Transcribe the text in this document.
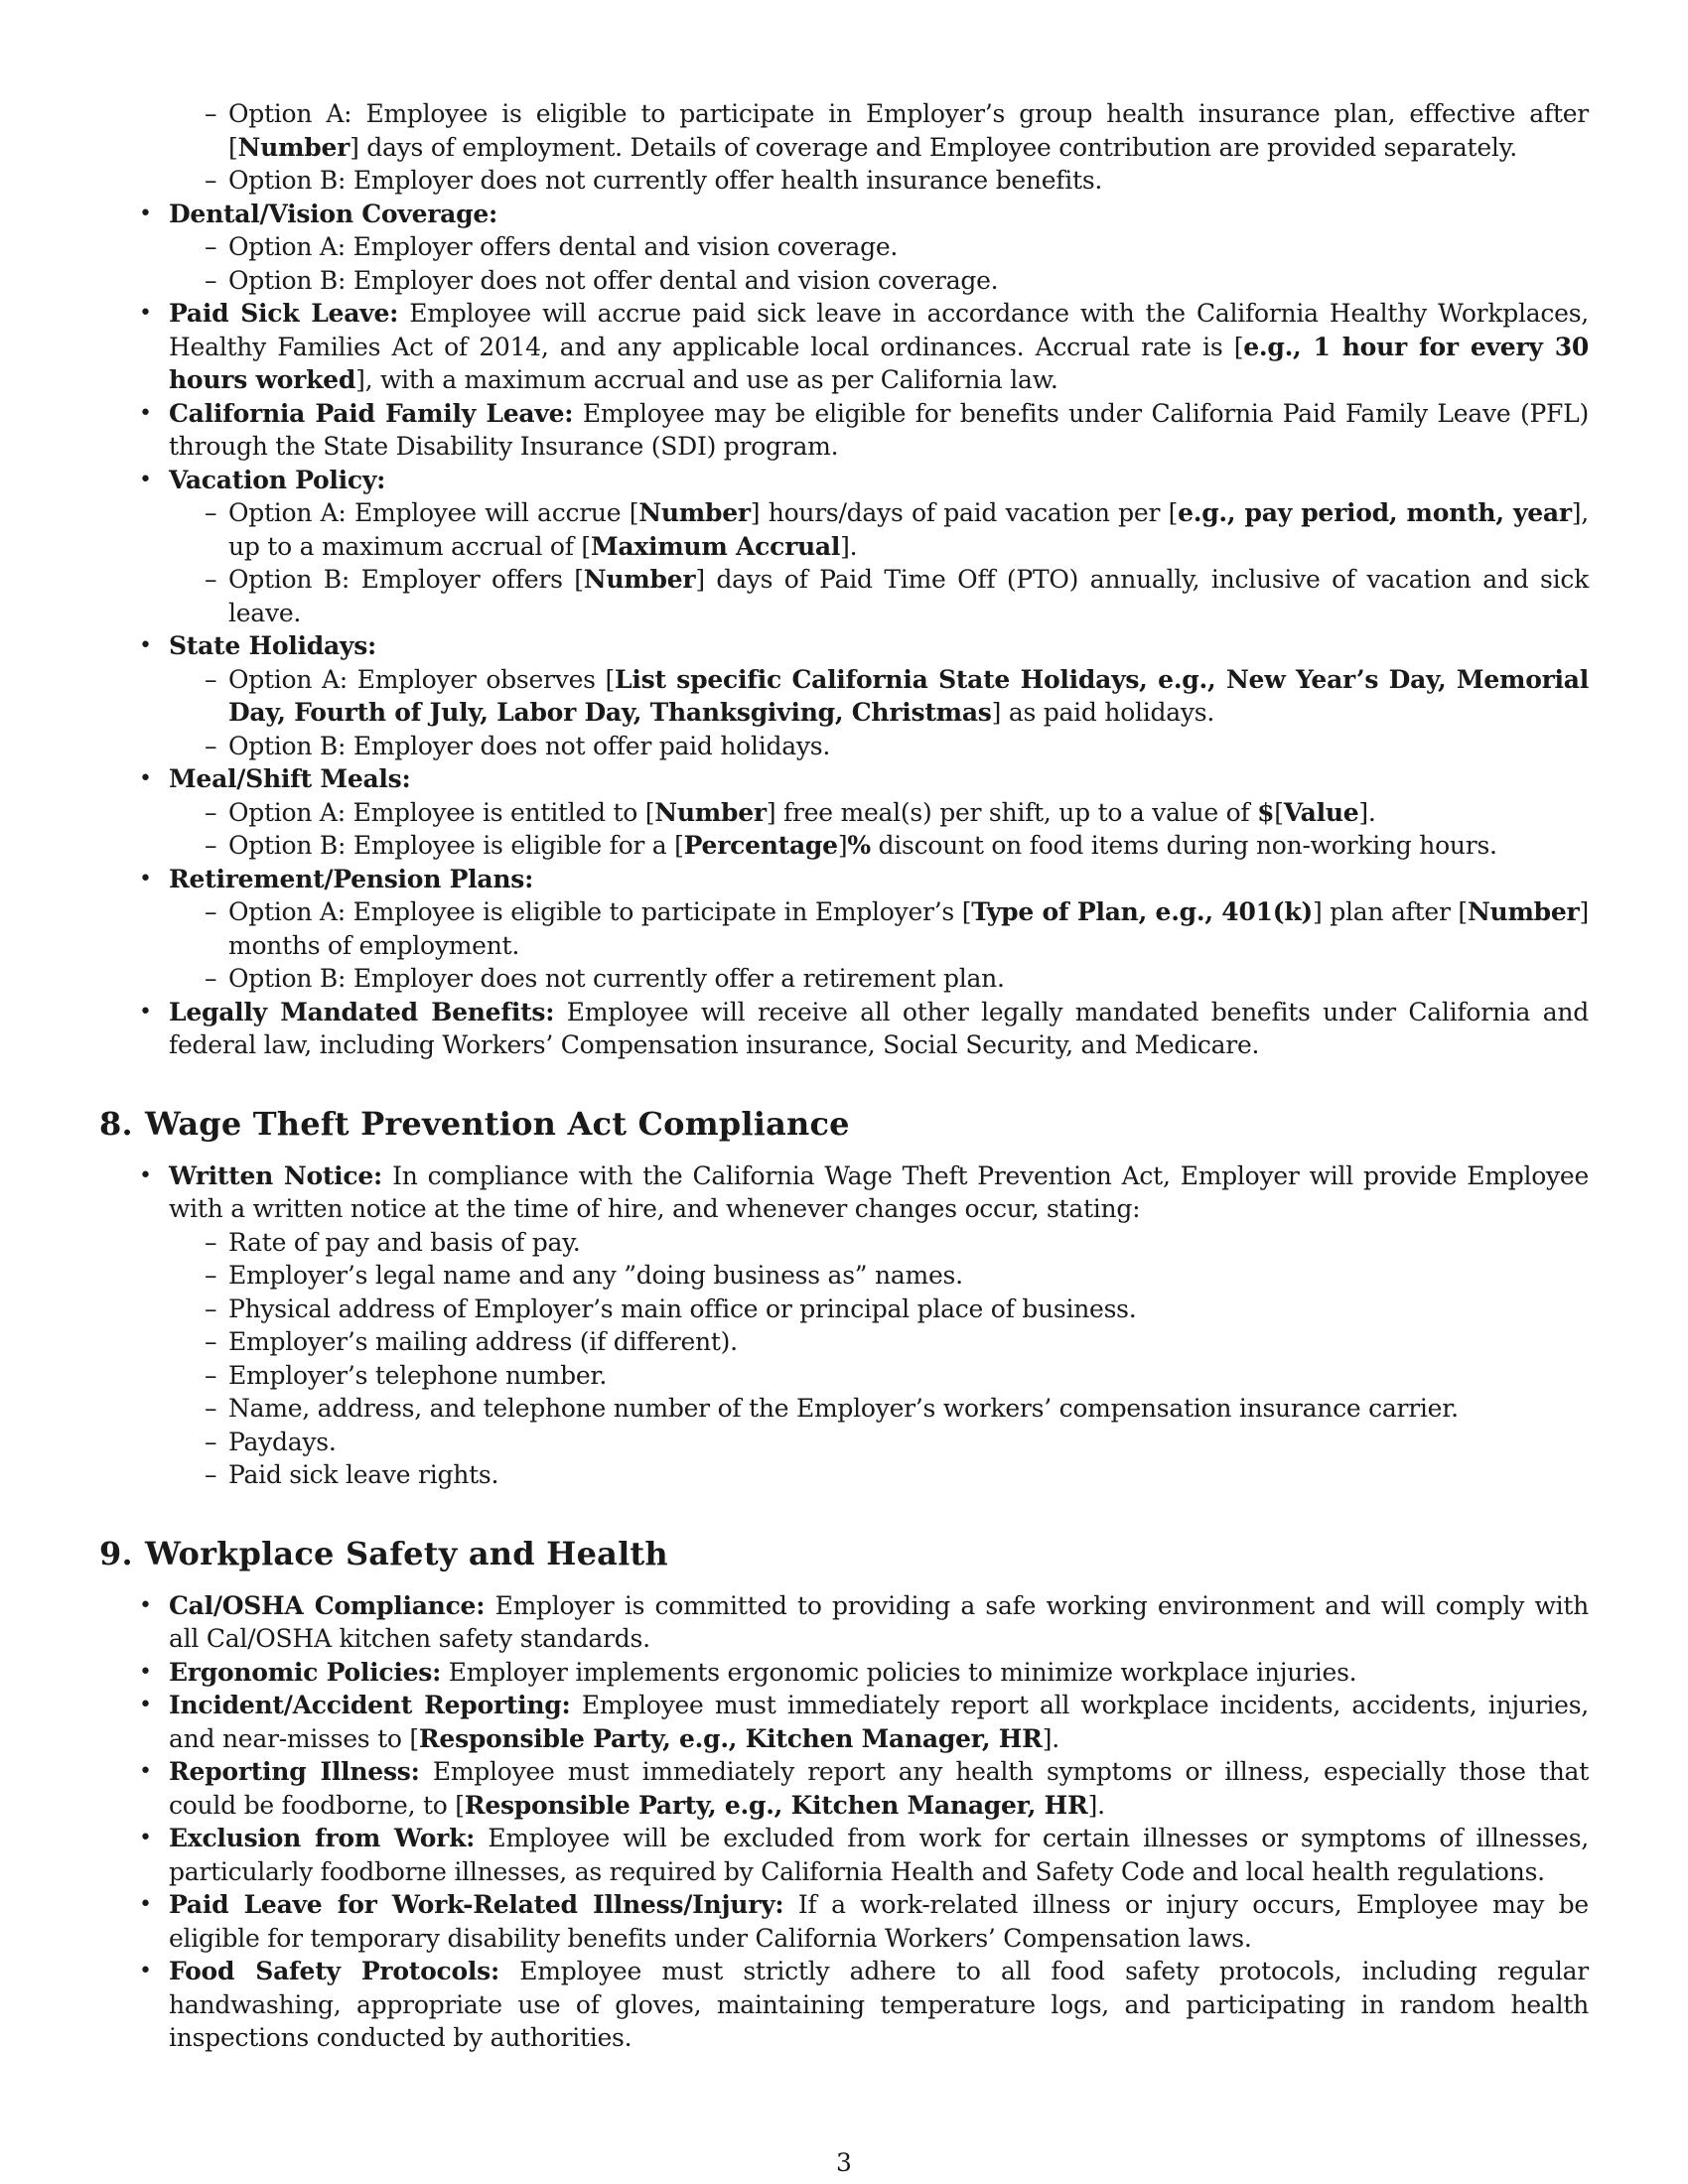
– Option A: Employee is eligible to participate in Employer’s group health insurance plan, effective after [Number] days of employment. Details of coverage and Employee contribution are provided separately.
– Option B: Employer does not currently offer health insurance benefits.
• Dental/Vision Coverage:
– Option A: Employer offers dental and vision coverage.
– Option B: Employer does not offer dental and vision coverage.
• Paid Sick Leave: Employee will accrue paid sick leave in accordance with the California Healthy Workplaces, Healthy Families Act of 2014, and any applicable local ordinances. Accrual rate is [e.g., 1 hour for every 30 hours worked], with a maximum accrual and use as per California law.
• California Paid Family Leave: Employee may be eligible for benefits under California Paid Family Leave (PFL) through the State Disability Insurance (SDI) program.
• Vacation Policy:
– Option A: Employee will accrue [Number] hours/days of paid vacation per [e.g., pay period, month, year], up to a maximum accrual of [Maximum Accrual].
– Option B: Employer offers [Number] days of Paid Time Off (PTO) annually, inclusive of vacation and sick leave.
• State Holidays:
– Option A: Employer observes [List specific California State Holidays, e.g., New Year’s Day, Memorial Day, Fourth of July, Labor Day, Thanksgiving, Christmas] as paid holidays.
– Option B: Employer does not offer paid holidays.
• Meal/Shift Meals:
– Option A: Employee is entitled to [Number] free meal(s) per shift, up to a value of $[Value].
– Option B: Employee is eligible for a [Percentage]% discount on food items during non-working hours.
• Retirement/Pension Plans:
– Option A: Employee is eligible to participate in Employer’s [Type of Plan, e.g., 401(k)] plan after [Number] months of employment.
– Option B: Employer does not currently offer a retirement plan.
• Legally Mandated Benefits: Employee will receive all other legally mandated benefits under California and federal law, including Workers’ Compensation insurance, Social Security, and Medicare.
8. Wage Theft Prevention Act Compliance
• Written Notice: In compliance with the California Wage Theft Prevention Act, Employer will provide Employee with a written notice at the time of hire, and whenever changes occur, stating:
– Rate of pay and basis of pay.
– Employer’s legal name and any ”doing business as” names.
– Physical address of Employer’s main office or principal place of business.
– Employer’s mailing address (if different).
– Employer’s telephone number.
– Name, address, and telephone number of the Employer’s workers’ compensation insurance carrier.
– Paydays.
– Paid sick leave rights.
9. Workplace Safety and Health
• Cal/OSHA Compliance: Employer is committed to providing a safe working environment and will comply with all Cal/OSHA kitchen safety standards.
• Ergonomic Policies: Employer implements ergonomic policies to minimize workplace injuries.
• Incident/Accident Reporting: Employee must immediately report all workplace incidents, accidents, injuries, and near-misses to [Responsible Party, e.g., Kitchen Manager, HR].
• Reporting Illness: Employee must immediately report any health symptoms or illness, especially those that could be foodborne, to [Responsible Party, e.g., Kitchen Manager, HR].
• Exclusion from Work: Employee will be excluded from work for certain illnesses or symptoms of illnesses, particularly foodborne illnesses, as required by California Health and Safety Code and local health regulations.
• Paid Leave for Work-Related Illness/Injury: If a work-related illness or injury occurs, Employee may be eligible for temporary disability benefits under California Workers’ Compensation laws.
• Food Safety Protocols: Employee must strictly adhere to all food safety protocols, including regular handwashing, appropriate use of gloves, maintaining temperature logs, and participating in random health inspections conducted by authorities.
3
